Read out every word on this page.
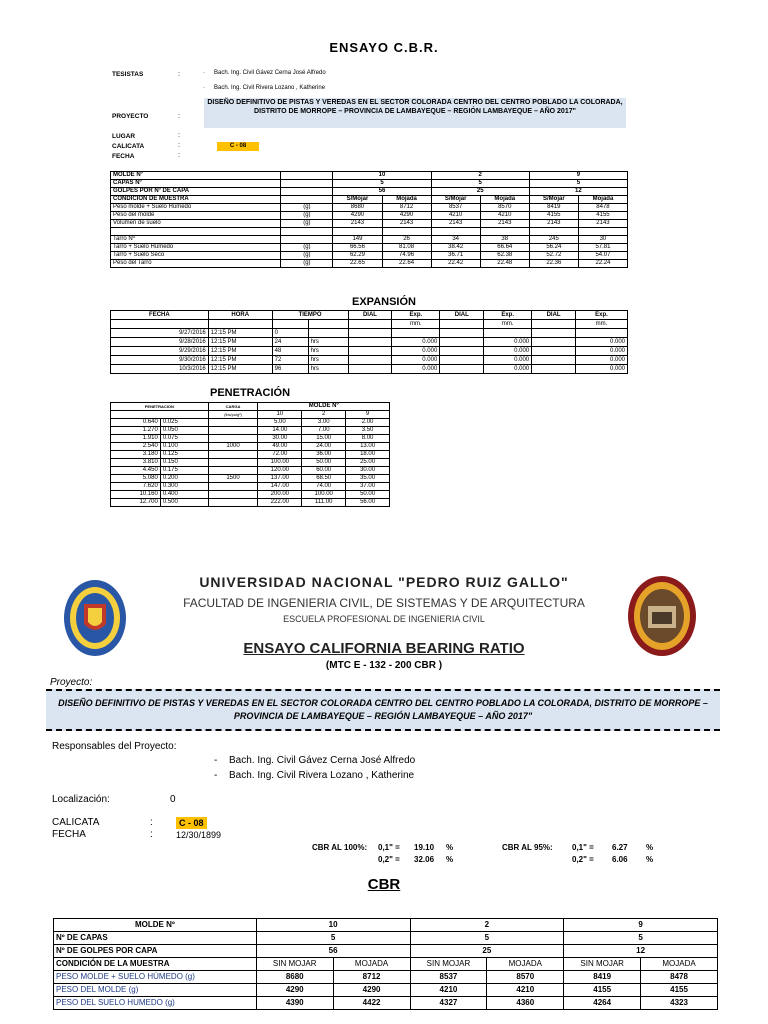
ENSAYO C.B.R.
TESISTAS	:	· Bach. Ing. Civil Gávez Cerna José Alfredo
· Bach. Ing. Civil Rivera Lozano , Katherine
PROYECTO	:
DISEÑO DEFINITIVO DE PISTAS Y VEREDAS EN EL SECTOR COLORADA CENTRO DEL CENTRO POBLADO LA COLORADA, DISTRITO DE MORROPE – PROVINCIA DE LAMBAYEQUE – REGIÓN LAMBAYEQUE – AÑO 2017"
LUGAR	:
CALICATA	:	C - 08
FECHA	:
MOLDE Nº		10		2		9	
CAPAS Nº		5		5		5	
GOLPES POR Nº DE CAPA		56		25		12	
CONDICION DE MUESTRA		S/Mojar	Mojada	S/Mojar	Mojada	S/Mojar	Mojada
Peso molde + Suelo Húmedo	(g)	8680	8712	8537	8570	8419	8478
Peso del molde	(g)	4290	4290	4210	4210	4155	4155
Volumen de suelo	(g)	2143	2143	2143	2143	2143	2143

Tarro Nº		149	26	34	38	245	30
Tarro + Suelo Húmedo	(g)	66.56	81.08	38.42	66.64	56.24	57.81
Tarro + Suelo Seco	(g)	62.29	74.96	36.71	62.38	52.72	54.07
Peso del Tarro	(g)	22.65	22.64	22.42	22.48	22.36	22.24
EXPANSIÓN
FECHA	HORA	TIEMPO		DIAL	Exp.	DIAL	Exp.	DIAL	Exp.
					mm.		mm.		mm.
9/27/2016	12:15 PM	0							
9/28/2016	12:15 PM	24	hrs		0.000		0.000		0.000
9/29/2016	12:15 PM	48	hrs		0.000		0.000		0.000
9/30/2016	12:15 PM	72	hrs		0.000		0.000		0.000
10/3/2016	12:15 PM	96	hrs		0.000		0.000		0.000
PENETRACIÓN
PENETRACION		CARGA	MOLDE Nº		
		(lbs/pulg²)	10	2	9
0.640	0.025		5.00	3.00	2.00
1.270	0.050		14.00	7.00	3.50
1.910	0.075		30.00	15.00	8.00
2.540	0.100	1000	49.00	24.00	13.00
3.180	0.125		72.00	36.00	18.00
3.810	0.150		100.00	50.00	25.00
4.450	0.175		120.00	60.00	30.00
5.080	0.200	1500	137.00	68.50	35.00
7.620	0.300		147.00	74.00	37.00
10.160	0.400		200.00	100.00	50.00
12.700	0.500		222.00	111.00	56.00
UNIVERSIDAD NACIONAL "PEDRO RUIZ GALLO"
FACULTAD DE INGENIERIA CIVIL, DE SISTEMAS Y DE ARQUITECTURA
ESCUELA PROFESIONAL DE INGENIERIA CIVIL
ENSAYO CALIFORNIA BEARING RATIO
(MTC E - 132 - 200 CBR )
Proyecto:
DISEÑO DEFINITIVO DE PISTAS Y VEREDAS EN EL SECTOR COLORADA CENTRO DEL CENTRO POBLADO LA COLORADA, DISTRITO DE MORROPE – PROVINCIA DE LAMBAYEQUE – REGIÓN LAMBAYEQUE – AÑO 2017"
Responsables del Proyecto:
- Bach. Ing. Civil Gávez Cerna José Alfredo
- Bach. Ing. Civil Rivera Lozano , Katherine
Localización:	0
CALICATA	:	C - 08
FECHA	:	12/30/1899
CBR AL 100%: 0,1" = 19.10 %
0,2" = 32.06 %
CBR AL 95%: 0,1" = 6.27 %
0,2" = 6.06 %
CBR
MOLDE Nº	10		2		9	
Nº DE CAPAS	5		5		5	
Nº DE GOLPES POR CAPA	56		25		12	
CONDICIÓN DE LA MUESTRA	SIN MOJAR	MOJADA	SIN MOJAR	MOJADA	SIN MOJAR	MOJADA
PESO MOLDE + SUELO HÚMEDO (g)	8680	8712	8537	8570	8419	8478
PESO DEL MOLDE (g)	4290	4290	4210	4210	4155	4155
PESO DEL SUELO HUMEDO (g)	4390	4422	4327	4360	4264	4323
